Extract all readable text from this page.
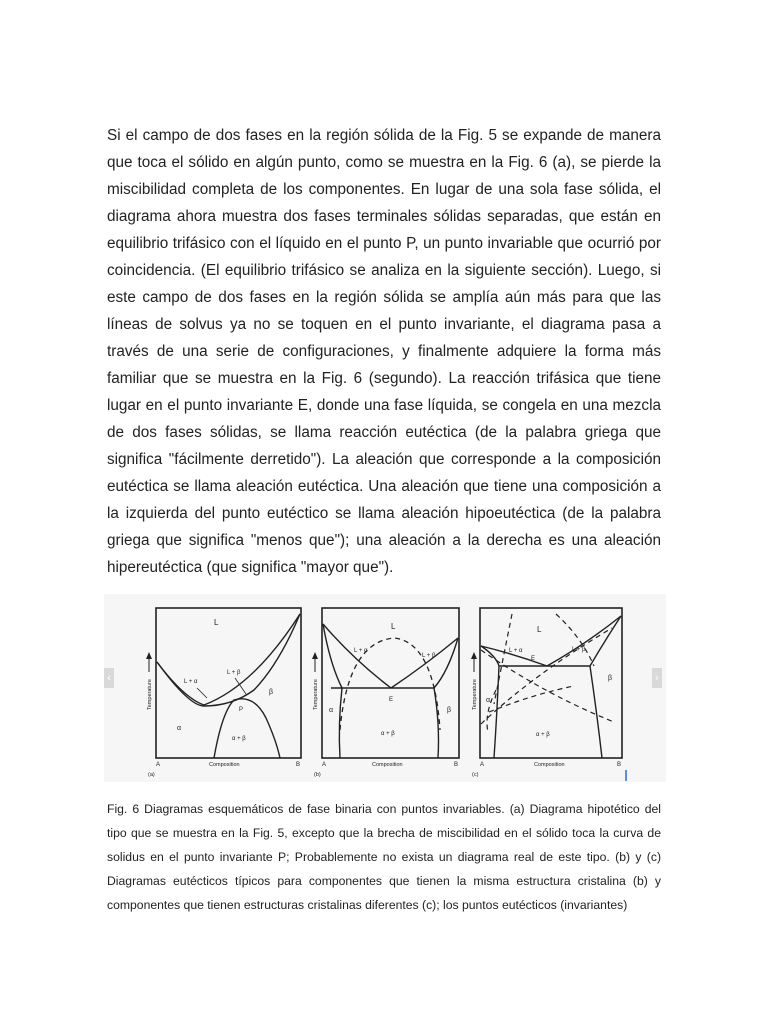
Si el campo de dos fases en la región sólida de la Fig. 5 se expande de manera que toca el sólido en algún punto, como se muestra en la Fig. 6 (a), se pierde la miscibilidad completa de los componentes. En lugar de una sola fase sólida, el diagrama ahora muestra dos fases terminales sólidas separadas, que están en equilibrio trifásico con el líquido en el punto P, un punto invariable que ocurrió por coincidencia. (El equilibrio trifásico se analiza en la siguiente sección). Luego, si este campo de dos fases en la región sólida se amplía aún más para que las líneas de solvus ya no se toquen en el punto invariante, el diagrama pasa a través de una serie de configuraciones, y finalmente adquiere la forma más familiar que se muestra en la Fig. 6 (segundo). La reacción trifásica que tiene lugar en el punto invariante E, donde una fase líquida, se congela en una mezcla de dos fases sólidas, se llama reacción eutéctica (de la palabra griega que significa "fácilmente derretido"). La aleación que corresponde a la composición eutéctica se llama aleación eutéctica. Una aleación que tiene una composición a la izquierda del punto eutéctico se llama aleación hipoeutéctica (de la palabra griega que significa "menos que"); una aleación a la derecha es una aleación hipereutéctica (que significa "mayor que").

L
L + α
L + β
α
β
P
α + β
Temperature
A	B
Composition
(a)
L
L + α
L + β
α	β
E
α + β
Temperature
A	B
Composition
(b)
L
L + α	L + β
α
β
E
α + β
Temperature
A	B
Composition
(c)
‹	›

Fig. 6 Diagramas esquemáticos de fase binaria con puntos invariables. (a) Diagrama hipotético del tipo que se muestra en la Fig. 5, excepto que la brecha de miscibilidad en el sólido toca la curva de solidus en el punto invariante P; Probablemente no exista un diagrama real de este tipo. (b) y (c) Diagramas eutécticos típicos para componentes que tienen la misma estructura cristalina (b) y componentes que tienen estructuras cristalinas diferentes (c); los puntos eutécticos (invariantes)
